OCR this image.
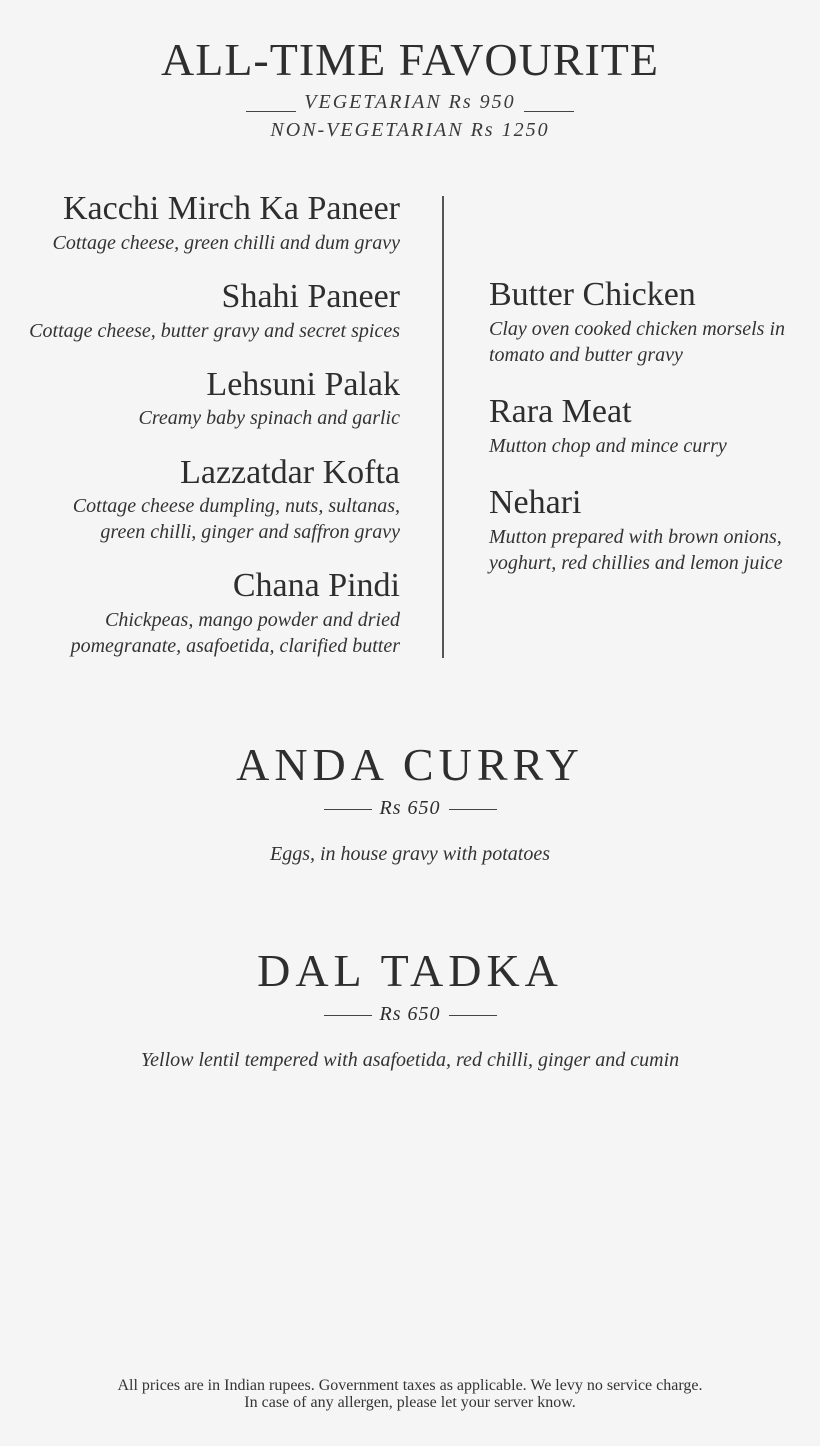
ALL-TIME FAVOURITE
VEGETARIAN Rs 950
NON-VEGETARIAN Rs 1250
Kacchi Mirch Ka Paneer
Cottage cheese, green chilli and dum gravy
Shahi Paneer
Cottage cheese, butter gravy and secret spices
Lehsuni Palak
Creamy baby spinach and garlic
Lazzatdar Kofta
Cottage cheese dumpling, nuts, sultanas,
green chilli, ginger and saffron gravy
Chana Pindi
Chickpeas, mango powder and dried
pomegranate, asafoetida, clarified butter
Butter Chicken
Clay oven cooked chicken morsels in
tomato and butter gravy
Rara Meat
Mutton chop and mince curry
Nehari
Mutton prepared with brown onions,
yoghurt, red chillies and lemon juice
ANDA CURRY
Rs 650
Eggs, in house gravy with potatoes
DAL TADKA
Rs 650
Yellow lentil tempered with asafoetida, red chilli, ginger and cumin
All prices are in Indian rupees. Government taxes as applicable. We levy no service charge.
In case of any allergen, please let your server know.
